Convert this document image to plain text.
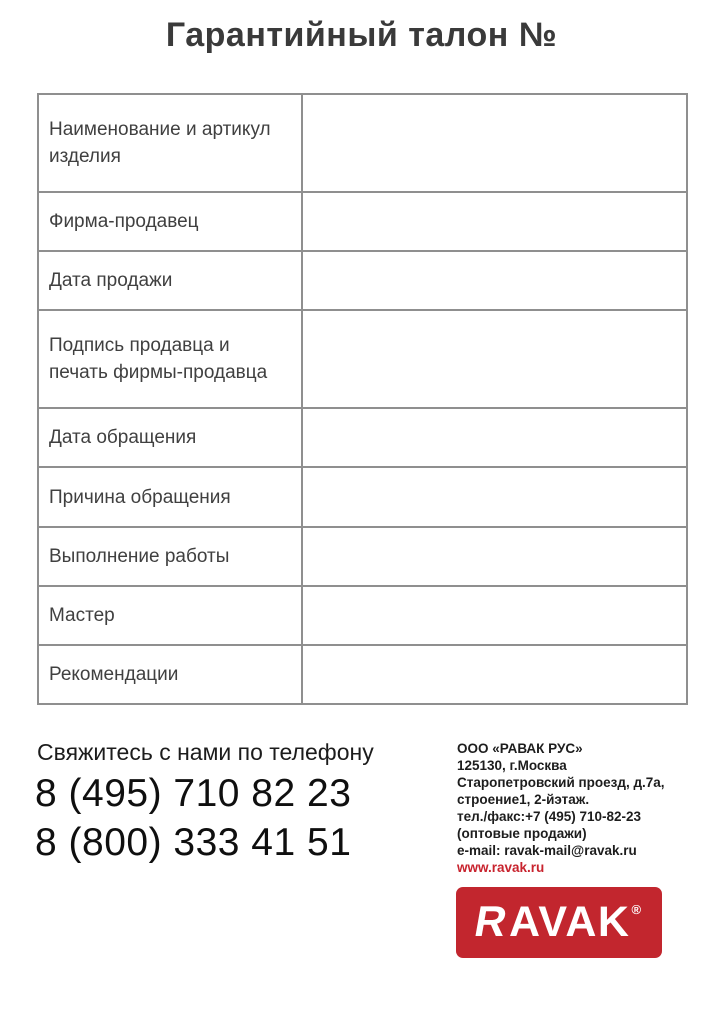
Гарантийный талон №
Наименование и артикул изделия	
Фирма-продавец	
Дата продажи	
Подпись продавца и печать фирмы-продавца	
Дата обращения	
Причина обращения	
Выполнение работы	
Мастер	
Рекомендации	
Свяжитесь с нами по телефону
8 (495) 710 82 23
8 (800) 333 41 51
ООО «РАВАК РУС»
125130, г.Москва
Старопетровский проезд, д.7а,
строение1, 2-йэтаж.
тел./факс:+7 (495) 710-82-23
(оптовые продажи)
e-mail: ravak-mail@ravak.ru
www.ravak.ru
R
AVAK ®
